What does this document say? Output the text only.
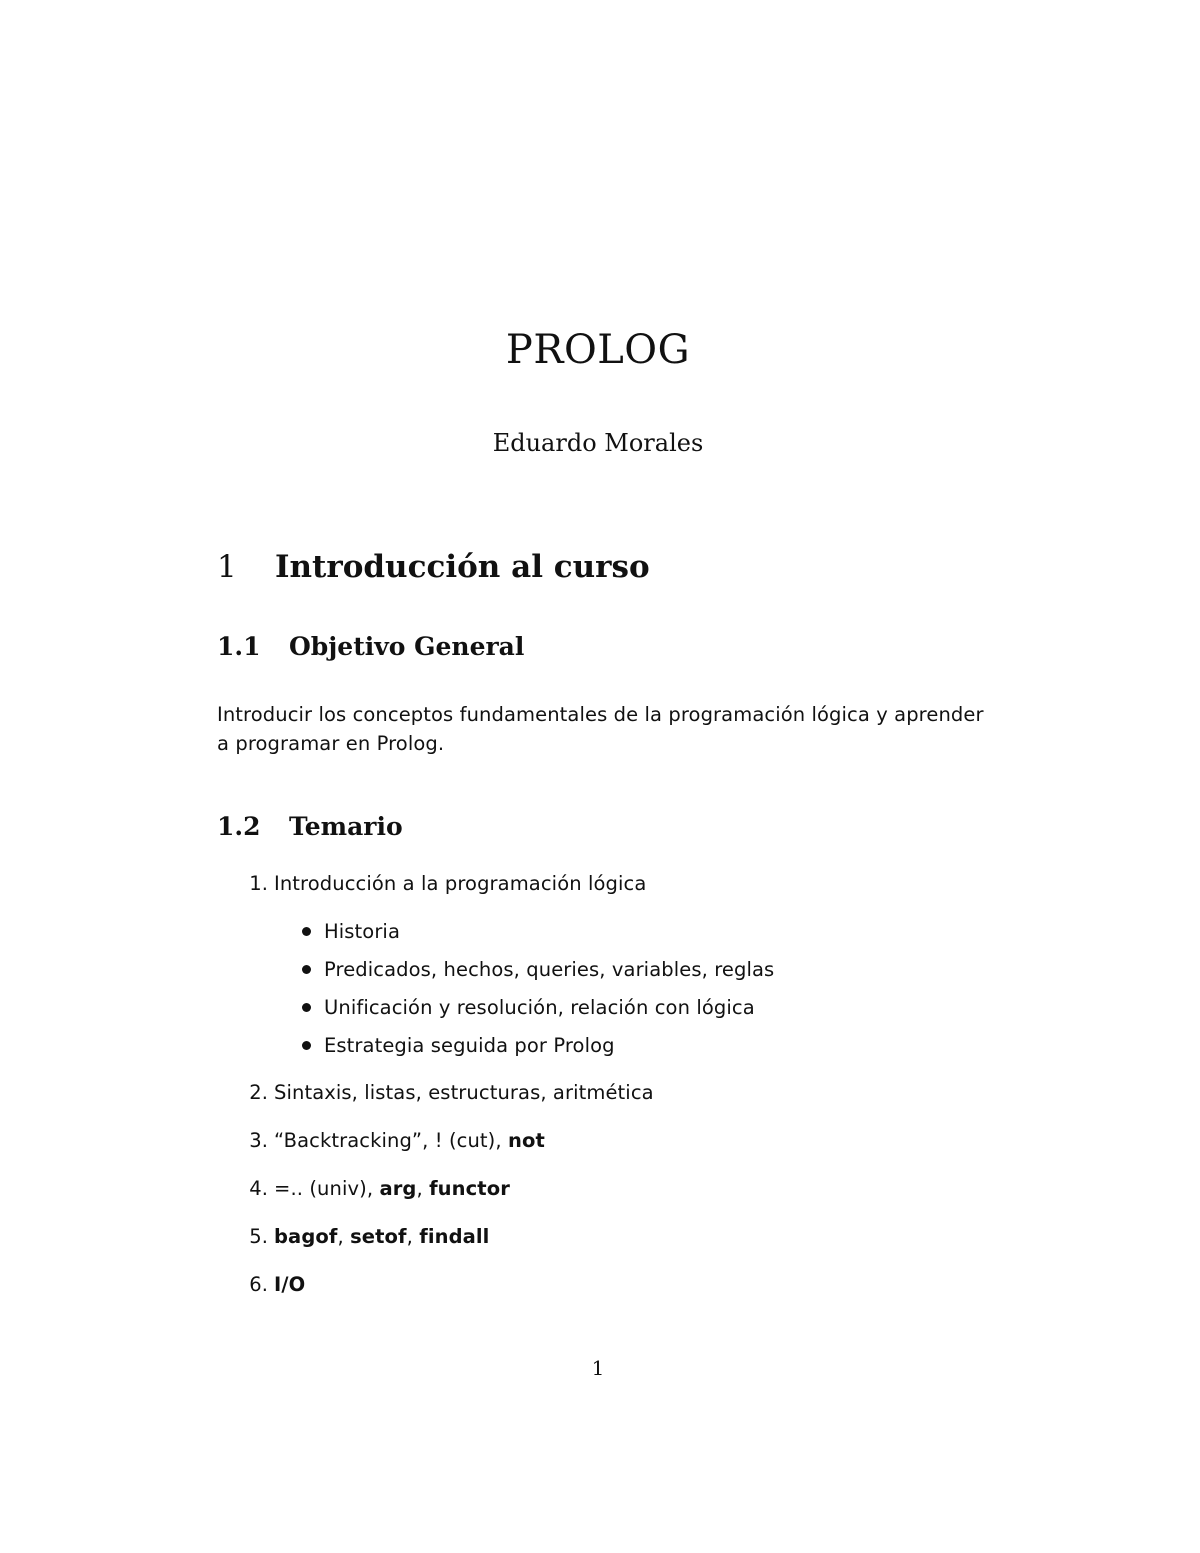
PROLOG
Eduardo Morales
1 Introducción al curso
1.1 Objetivo General
Introducir los conceptos fundamentales de la programación lógica y aprender
a programar en Prolog.
1.2 Temario
1. Introducción a la programación lógica
Historia
Predicados, hechos, queries, variables, reglas
Unificación y resolución, relación con lógica
Estrategia seguida por Prolog
2. Sintaxis, listas, estructuras, aritmética
3. “Backtracking”, ! (cut), not
4. =.. (univ), arg, functor
5. bagof, setof, findall
6. I/O
1
